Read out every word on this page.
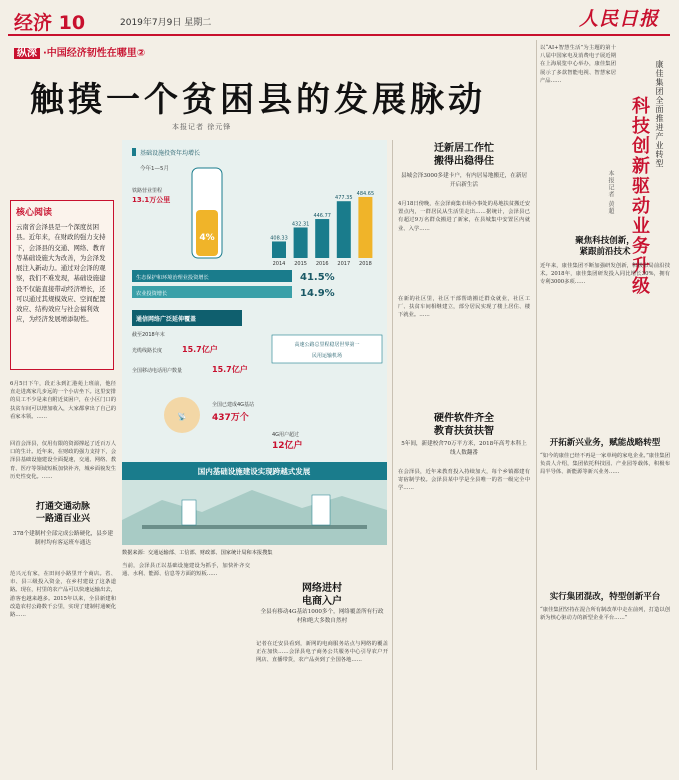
经济 10	2019年7月9日 星期二	人民日报
纵深 ·中国经济韧性在哪里②
触摸一个贫困县的发展脉动
本报记者 徐元锋
核心阅读
云南省会泽县是一个深度贫困县。近年来，在财政的强力支持下，会泽县的交通、网络、教育等基础设施大为改善，为会泽发展注入新动力。通过对会泽的观察，我们不难发现，基础设施建设不仅能直接带动经济增长，还可以通过其规模效应、空间配置效应、结构效应与社会福利效应，为经济发展增添韧性。
6月5日下午，段正永到汇港苑上班前，他径直走进离家几步远的一个小店坐下。这里安排的员工不少是来自附近贫困户，在小区门口的扶贫车间可以增加收入，大家都拿出了自己的看家本领。……
回首会泽县，仅用有限的资源撑起了近百万人口的生计。近年来，在财政的强力支持下，会泽县基础设施建设全面提速，交通、网络、教育、医疗等领域短板加快补齐，城乡面貌发生历史性变化。……
打通交通动脉
一路通百业兴
378个建制村全部完成公路硬化，县乡建制村均有客运班车通达
范兴元有家，在田间小路里开个商店。省、市、县三级投入资金，在乡村建设了这条道路。现在，村里的农产品可以快速运输出去，游客也越来越多。2015年以来，全县新建和改造农村公路数千公里，实现了建制村通硬化路……
基础设施投资年均增长
今年1—5月
4%	408.33
2014
432.31
2015
446.77
2016
477.35
2017
484.65
2018
铁路营业里程
13.1万公里
生态保护和环境治理业投资增长	41.5%
农业投资增长	14.9%
通信网络广泛延伸覆盖
截至2018年末
光缆线路长度 15.7亿户
全国移动电话用户数量	15.7亿户
高速公路总里程稳居世界第一
民用运输机场
📡
全国已建成4G基站
437万个
4G用户超过
12亿户
国内基础设施建设实现跨越式发展
数据来源：交通运输部、工信部、财政部、国家统计局和本报搜集
迁新居工作忙
搬得出稳得住
县城会泽3000多建卡户，有内居易地搬迁，在新居开启新生活
4月18日傍晚，在会泽商集市场办事处的易地扶贫搬迁安置点内，一群居民从生活里走出……据统计，会泽县已有超过9万名群众搬进了新家，在县城集中安置区内就业、入学……
在新的社区里，社区干部帮助搬迁群众就业，社区工厂、扶贫车间相继建立，部分居民实现了楼上居住、楼下就业。……
硬件软件齐全
教育扶贫扶智
5年间，新建校舍70万平方米，2018年高考本科上线人数翻番
在会泽县，近年来教育投入持续加大，每个乡镇都建有寄宿制学校。会泽县某中学是全县唯一的省一级完全中学……
网络进村
电商入户
全县有移动4G基站1000多个，网络覆盖所有行政村和绝大多数自然村
记者在迁安县看到，新网的电商服务站点与网络的覆盖正在加快……会泽县电子商务公共服务中心引导农户开网店、直播带货，农产品卖到了全国各地……
当前，会泽县正以基础设施建设为抓手，加快补齐交通、水利、能源、信息等方面的短板……
以“AI+智慧生活”为主题的第十八届中国家电及消费电子展近期在上海展览中心举办，康佳集团展示了多款智能电视、智慧家居产品……
科技创新驱动业务升级 康佳集团全面推进产业转型
本报记者 黄超
聚焦科技创新，
紧跟前沿技术
近年来，康佳集团不断加强研发创新，积极布局前沿技术。2018年，康佳集团研发投入同比增长30%，拥有专利3000多项……
开拓新兴业务，赋能战略转型
“如今的康佳已经不再是一家单纯的家电企业。”康佳集团负责人介绍，集团依托科技园、产业园等载体，积极布局半导体、新能源等新兴业务……
实行集团混改，特型创新平台
“康佳集团坚持在混合所有制改革中走在前列，打造以创新为核心驱动力的新型企业平台……”
